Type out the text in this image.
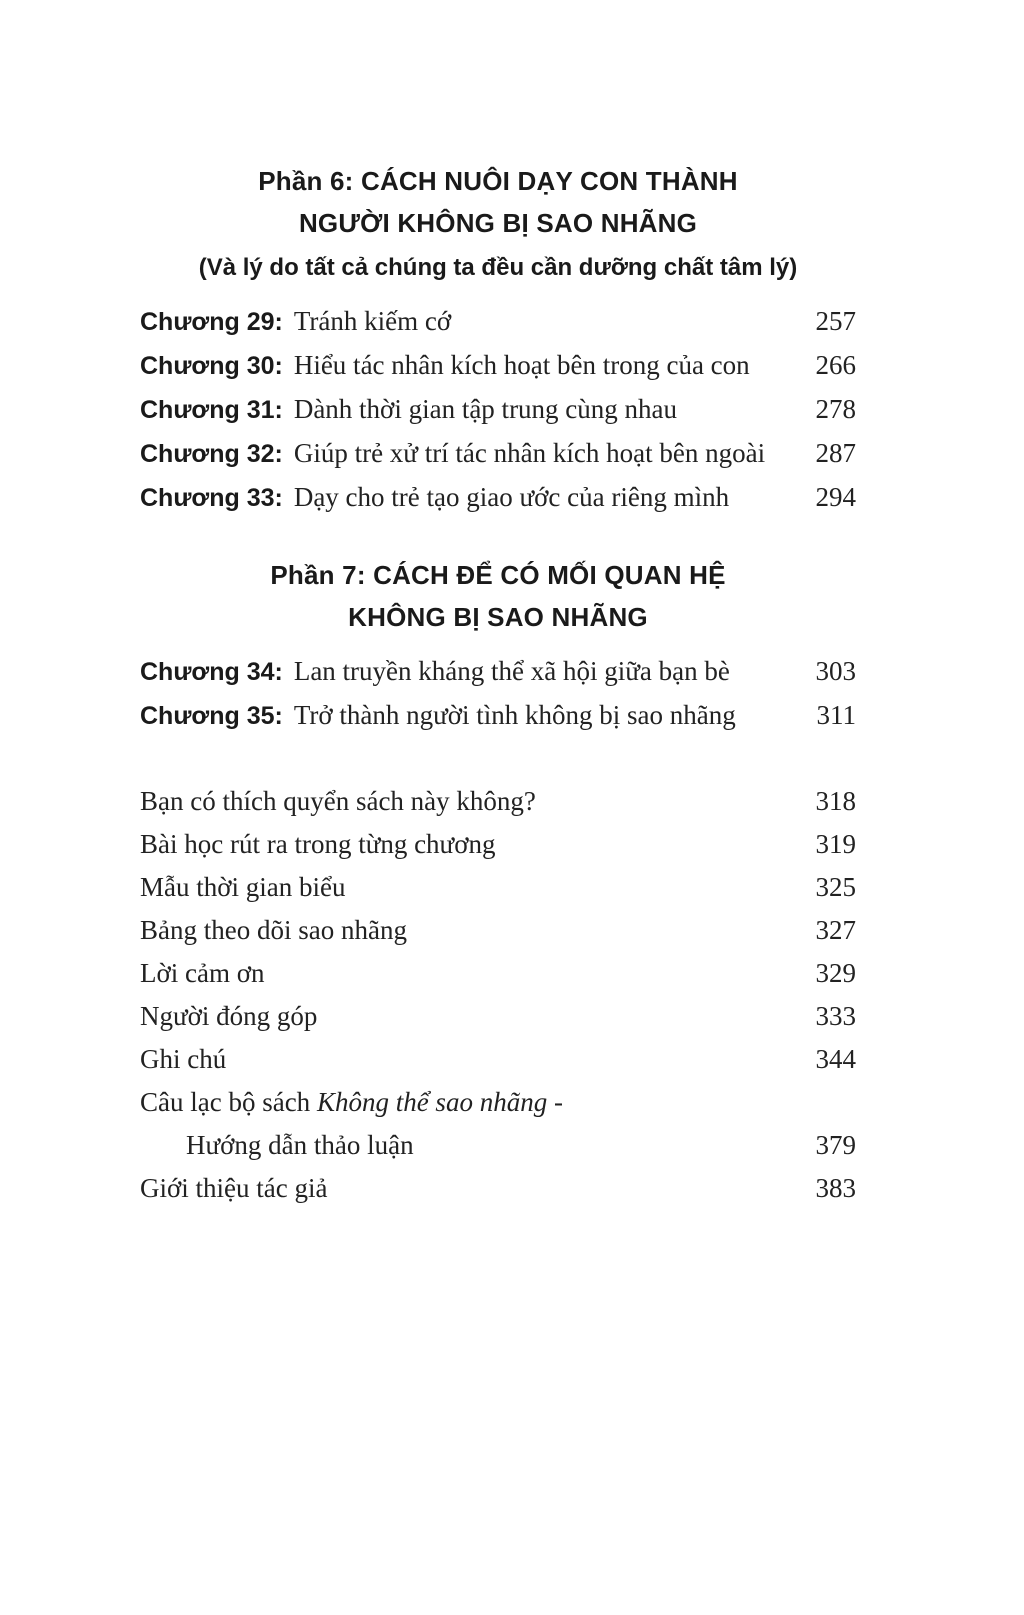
Phần 6: CÁCH NUÔI DẠY CON THÀNH
NGƯỜI KHÔNG BỊ SAO NHÃNG
(Và lý do tất cả chúng ta đều cần dưỡng chất tâm lý)
Chương 29: Tránh kiếm cớ	257
Chương 30: Hiểu tác nhân kích hoạt bên trong của con	266
Chương 31: Dành thời gian tập trung cùng nhau	278
Chương 32: Giúp trẻ xử trí tác nhân kích hoạt bên ngoài	287
Chương 33: Dạy cho trẻ tạo giao ước của riêng mình	294
Phần 7: CÁCH ĐỂ CÓ MỐI QUAN HỆ
KHÔNG BỊ SAO NHÃNG
Chương 34: Lan truyền kháng thể xã hội giữa bạn bè	303
Chương 35: Trở thành người tình không bị sao nhãng	311
Bạn có thích quyển sách này không?	318
Bài học rút ra trong từng chương	319
Mẫu thời gian biểu	325
Bảng theo dõi sao nhãng	327
Lời cảm ơn	329
Người đóng góp	333
Ghi chú	344
Câu lạc bộ sách Không thể sao nhãng -
Hướng dẫn thảo luận	379
Giới thiệu tác giả	383
